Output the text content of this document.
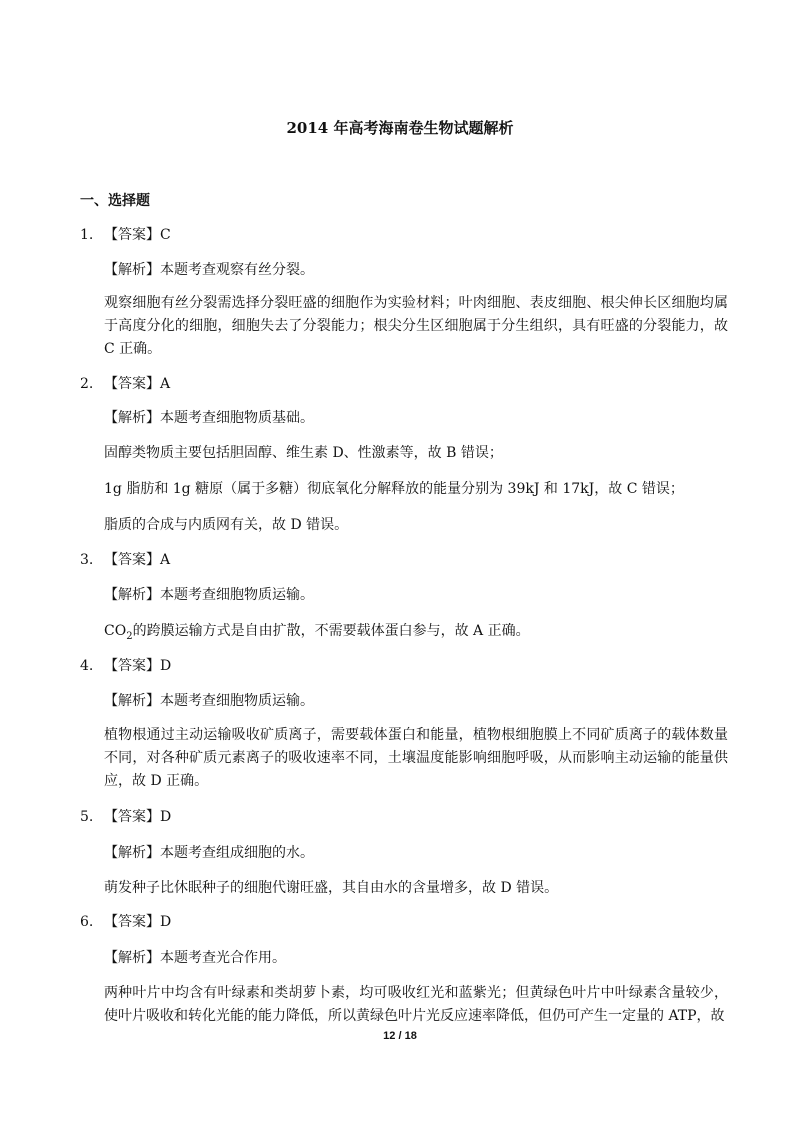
2014 年高考海南卷生物试题解析
一、选择题
1. 【答案】C
【解析】本题考查观察有丝分裂。
观察细胞有丝分裂需选择分裂旺盛的细胞作为实验材料；叶肉细胞、表皮细胞、根尖伸长区细胞均属于高度分化的细胞，细胞失去了分裂能力；根尖分生区细胞属于分生组织，具有旺盛的分裂能力，故 C 正确。
2. 【答案】A
【解析】本题考查细胞物质基础。
固醇类物质主要包括胆固醇、维生素 D、性激素等，故 B 错误；
1g 脂肪和 1g 糖原（属于多糖）彻底氧化分解释放的能量分别为 39kJ 和 17kJ，故 C 错误；
脂质的合成与内质网有关，故 D 错误。
3. 【答案】A
【解析】本题考查细胞物质运输。
$CO_2$的跨膜运输方式是自由扩散，不需要载体蛋白参与，故 A 正确。
4. 【答案】D
【解析】本题考查细胞物质运输。
植物根通过主动运输吸收矿质离子，需要载体蛋白和能量，植物根细胞膜上不同矿质离子的载体数量不同，对各种矿质元素离子的吸收速率不同，土壤温度能影响细胞呼吸，从而影响主动运输的能量供应，故 D 正确。
5. 【答案】D
【解析】本题考查组成细胞的水。
萌发种子比休眠种子的细胞代谢旺盛，其自由水的含量增多，故 D 错误。
6. 【答案】D
【解析】本题考查光合作用。
两种叶片中均含有叶绿素和类胡萝卜素，均可吸收红光和蓝紫光；但黄绿色叶片中叶绿素含量较少，使叶片吸收和转化光能的能力降低，所以黄绿色叶片光反应速率降低，但仍可产生一定量的 ATP，故
12 / 18
